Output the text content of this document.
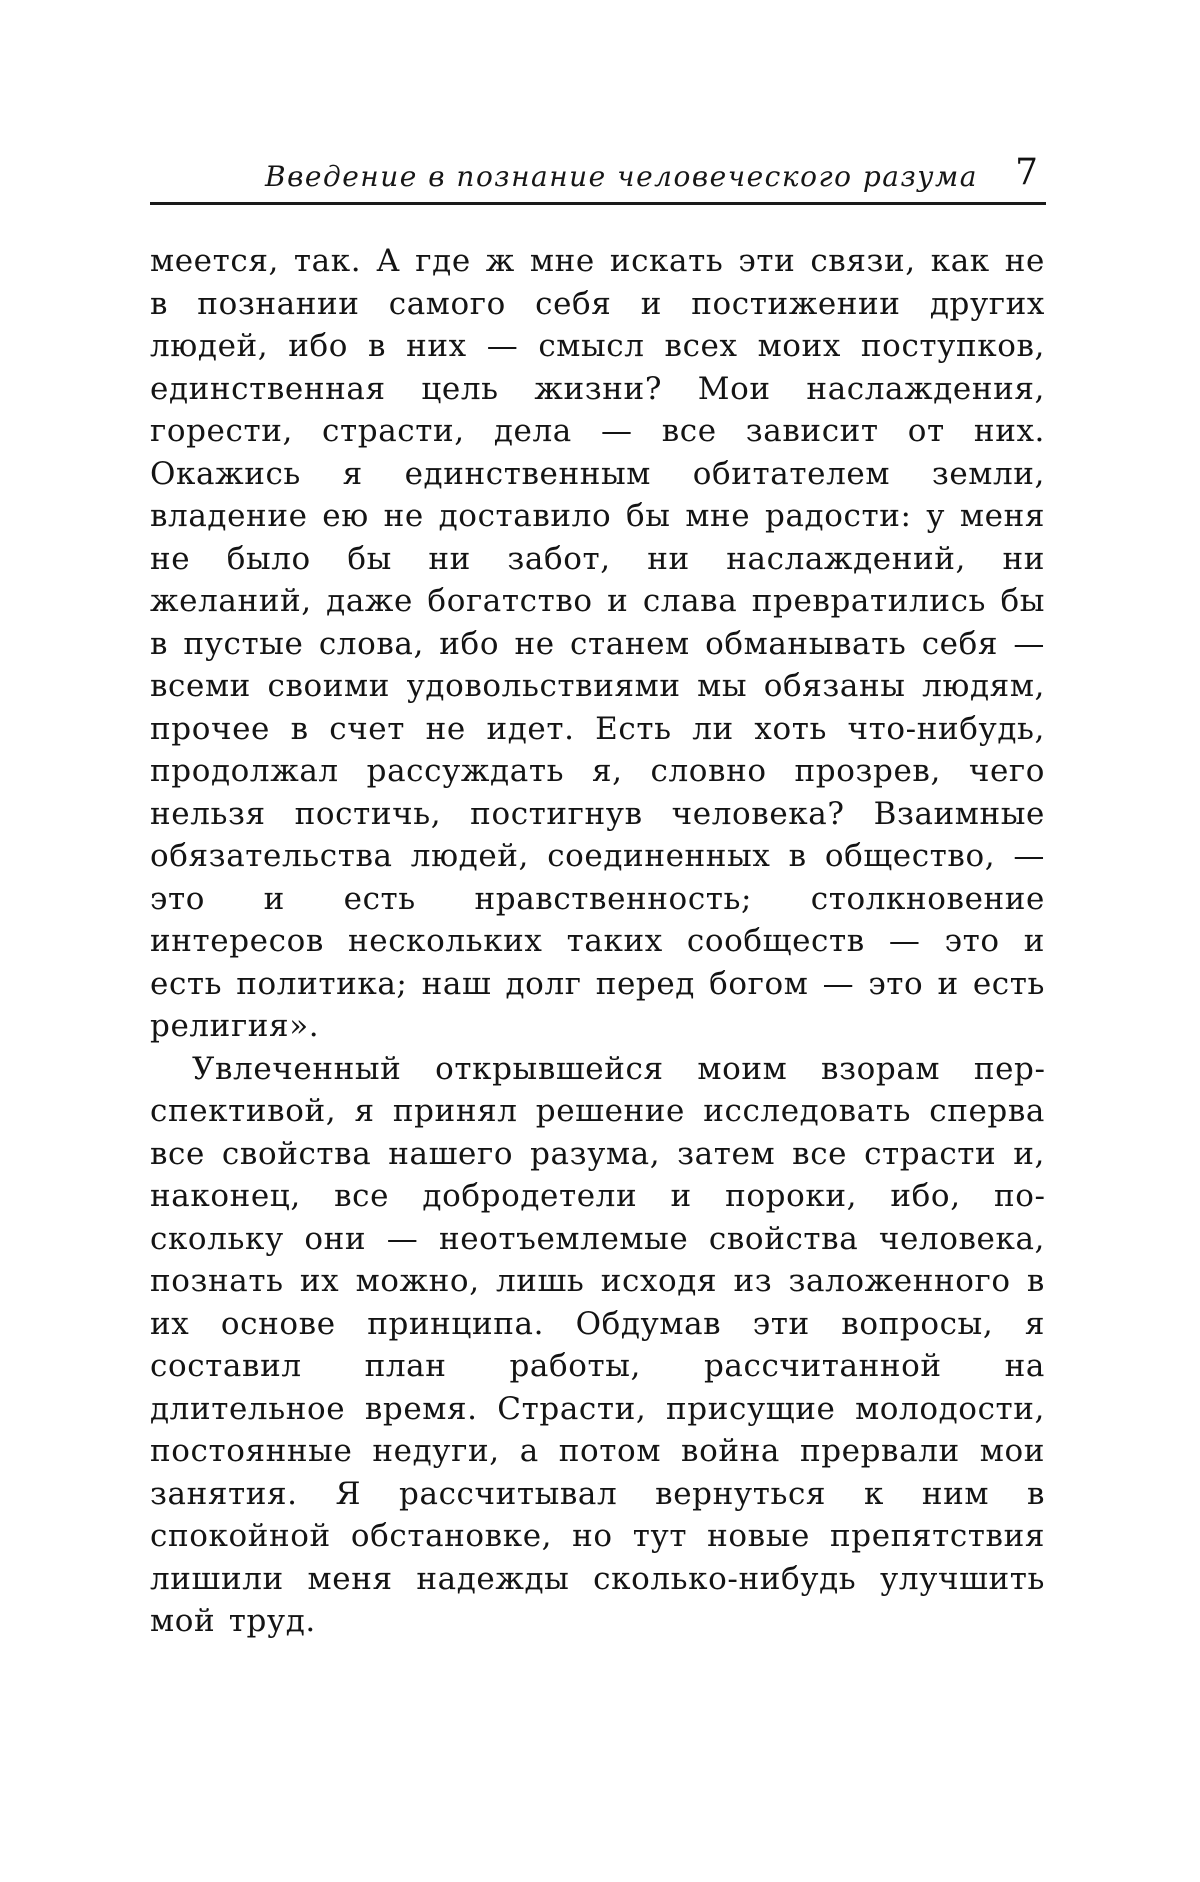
Введение в познание человеческого разума 7

мeeтся, так. А где ж мне искать эти связи, как не в познании самого себя и постижении других людей, ибо в них — смысл всех моих поступков, единственная цель жизни? Мои наслаждения, горести, страсти, дела — все зависит от них. Окажись я единственным обитателем земли, владение ею не доставило бы мне радости: у меня не было бы ни забот, ни наслаждений, ни желаний, даже богатство и слава превратились бы в пустые слова, ибо не станем обманывать себя — всеми своими удовольствиями мы обязаны людям, прочее в счет не идет. Есть ли хоть что-нибудь, продолжал рассуждать я, словно прозрев, чего нельзя постичь, постигнув человека? Взаимные обязательства людей, соединенных в общество, — это и есть нравственность; столкновение интересов нескольких таких сообществ — это и есть политика; наш долг перед богом — это и есть религия».

Увлеченный открывшейся моим взорам перспективой, я принял решение исследовать сперва все свойства нашего разума, затем все страсти и, наконец, все добродетели и пороки, ибо, поскольку они — неотъемлемые свойства человека, познать их можно, лишь исходя из заложенного в их основе принципа. Обдумав эти вопросы, я составил план работы, рассчитанной на длительное время. Страсти, присущие молодости, постоянные недуги, а потом война прервали мои занятия. Я рассчитывал вернуться к ним в спокойной обстановке, но тут новые препятствия лишили меня надежды сколько-нибудь улучшить мой труд.
